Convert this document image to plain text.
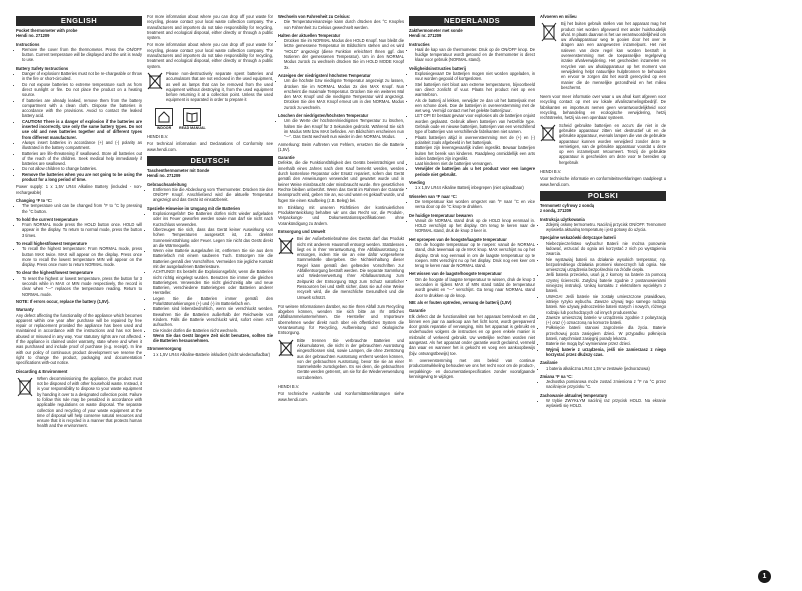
ENGLISH
Pocket thermometer with probe
Hendi no. 271209
Instructions
• Remove the cover from the thermometer. Press the ON/OFF button. Current temperature will be displayed and the unit is ready to use.
Battery Safety Instructions
• Danger of explosion! Batteries must not be re-chargeable or throw in the fire or short-circuited.
• Do not expose batteries to extreme temperature such as from direct sunlight or fire. Do not place the product on a heating source.
• If batteries are already leaked, remove them from the battery compartment with a clean cloth. Dispose the batteries in accordance with the provisions. Avoid to contact the leaked battery acid.
• CAUTION! There is a danger of explosion if the batteries are inserted incorrectly. Use only the same battery types. Do not use old and new batteries together and of different types from different manufacturer.
• Always insert batteries in accordance (+) and (-) polarity as illustrated in the battery compartment.
• Batteries are life-threatening if swallowed. Store all batteries out of the reach of the children. Seek medical help immediately if batteries are swallowed.
• Do not allow children to change batteries.
• Remove the batteries when you are not going to be using the product for a long period of time.

Power supply: 1 x 1,5V LR44 Alkaline Battery (included - non-rechargeable)

Changing °F to °C:
• The temperature unit can be changed from °F to °C by pressing the °C button.
To hold the current temperature
• From NORMAL mode press the HOLD button once. HOLD will appear in the display. To return to normal mode, press the button 3 times.
To recall highest/lowest temperature
• To recall the highest temperature: From NORMAL mode, press button MAX twice. MAX will appear on the display. Press once more to recall the lowest temperature MIN will appear on the display. Press once more to return NORMAL mode.
To clear the highest/lowest temperature
• To reset the highest or lowest temperature, press the button for 3 seconds while in MAX or MIN mode respectively, the record is clear when "---" replaces the temperature reading. Return to NORMAL mode.

NOTE: If errors occur, replace the battery (1,5V).

Warranty

Any defect affecting the functionality of the appliance which becomes apparent within one year after purchase will be repaired by free repair or replacement provided the appliance has been used and maintained in accordance with the instructions and has not been abused or misused in any way. Your statutory rights are not affected. If the appliance is claimed under warranty, state where and when it was purchased and include proof of purchase (e.g. receipt). In line with our policy of continuous product development we reserve the right to change the product, packaging and documentation specifications with-out notice.

Discarding & Environment

When decommissioning the appliance, the product must not be disposed of with other household waste. Instead, it is your responsibility to dispose to your waste equipment by handing it over to a designated collection point. Failure to follow this rule may be penalized in accordance with applicable regulations on waste disposal. The separate collection and recycling of your waste equipment at the time of disposal will help conserve natural resources and ensure that it is recycled in a manner that protects human health and the environment.

For more information about where you can drop off your waste for recycling, please contact your local waste collection company. The manufacturers and importers do not take responsibility for recycling, treatment and ecological disposal, either directly or through a public system.

For more information about where you can drop off your waste for recycling, please contact your local waste collection company. The manufacturers and importers do not take responsibility for recycling, treatment and ecological disposal, either directly or through a public system.

Please non-destructively separate spent batteries and accumulators that are not enclosed in the used equipment, as well as lamps that can be removed from the used equipment without destroying it, from the used equipment before returning it at a collection point. Unless the used equipment is separated in order to prepare it

INDOOR READ MANUAL

HENDI B.V.

For technical information and Declarations of Conformity see www.hendi.com.

DEUTSCH
Taschenthermometer mit Sonde
Hendi no. 271209
Gebrauchsanleitung
• Entfernen Sie die Abdeckung vom Thermometer. Drücken Sie den ON/OFF Knopf. Anschließend wird die aktuelle Temperatur angezeigt und das Gerät ist einsatzbereit.
Spezielle Hinweise im Umgang mit die Batterien
• Explosionsgefahr! Die Batterien dürfen nicht wieder aufgeladen oder ins Feuer geworfen werden sowie man darf sie nicht nach Kurzschluss verwenden.
• Überzeugen Sie sich, dass das Gerät keiner Auswirkung von hohen Temperaturen ausgesetzt ist, z.B. direkter Sonneneinstrahlung oder Feuer. Legen Sie nicht das Gerät direkt an die Wärmequelle.
• Wenn eine Batterie ausgelaufen ist, entfernen Sie sie aus dem Batteriefach mit einem sauberen Tuch. Entsorgen Sie die Batterien gemäß den Vorschriften. Vermeiden Sie jegliche Kontakt mit der ausgelaufenen Batteriesäure.
• ACHTUNG!! Es besteht die Explosionsgefahr, wenn die Batterien nicht richtig eingelegt wurden. Benutzen Sie immer die gleichen Batterietypen. Verwenden Sie nicht gleichzeitig alte und neue Batterien, verschiedene Batterietypen oder Batterien anderer Hersteller.
• Legen Sie die Batterien immer gemäß den Polaritätsmarkierungen (+) und (-) im Batteriefach ein.
• Batterien sind lebensbedrohlich, wenn sie verschluckt werden. Bewahren Sie die Batterien außerhalb der Reichweite von Kindern. Falls die Batterie verschluckt wird, sofort einen Arzt aufsuchen.
• Die Kinder dürfen die Batterien nicht wechseln.
• Wenn Sie das Gerät längere Zeit nicht benutzen, sollten Sie die Batterien herausnehmen.
Stromversorgung
• 1 x 1,5V LR44 Alkaline-Batterie inkludiert (nicht wiederaufladbar)
Wechseln von Fahrenheit zu Celsius:
• Die Temperatureinanzeige kann durch drücken des °C Knopfes von Fahrenheit zu Celsius gewechselt werden.
Halten der aktuellen Temperatur
• Drücken Sie im NORMAL Modus den HOLD Knopf. Nun bleibt die letzte gemessene Temperatur im Bildschirm stehen und es wird "HOLD" angezeigt (diese Funktion erleichtert Ihnen ggf. das Notieren der gemessenen Temperatur). Um in den NORMAL Modus zurück zu wechseln drücken Sie im HOLD MODE Knopf 3x.
Anzeigen der niedrigsten/ höchsten Temperatur
• Um die höchste bzw niedrigste Temperatur angezeigt zu lassen, drücken Sie im NORMAL Modus 2x den MAX Knopf. Nun erscheint die maximale Temperatur. Drücken Sie ein weiteres Mal den MAX Knopf und die niedrigste Temperatur wird angezeigt. Drücken Sie den MAX Knopf erneut um in den NORMAL Modus zurück zu wechseln.
Löschen der niedrigsten/höchsten Temperatur
• Um die Werte der höchsten/niedrigsten Temperatur zu löschen, halten Sie den Knopf für 3 Sekunden gedrückt. Während Sie sich im Modus MIN bzw MAX befinden. Am Bildschirm erscheinen nun "---". Das Gerät wechselt nun wieder in den NORMAL Modus.

Anmerkung: Beim Auftreten von Fehlern, ersetzen Sie die Batterie (1,5V).

Garantie

Defekte, die die Funktionsfähigkeit des Geräts beeinträchtigen und innerhalb eines Jahres nach dem Kauf bemerkt werden, werden durch kostenlose Reparatur oder Ersatz repariert, sofern das Gerät gemäß den Anweisungen verwendet und gewartet wurde und in keiner Weise missbraucht oder missbraucht wurde. Ihre gesetzlichen Rechte bleiben unberührt. Wenn das Gerät im Rahmen der Garantie beansprucht wird, geben Sie an, wo und wann es gekauft wurde, und fügen Sie einen Kaufbeleg (z.B. Beleg) bei.

Im Einklang mit unseren Richtlinien der kontinuierlichen Produktentwicklung behalten wir uns das Recht vor, die Produkt-, Verpackungs- und Dokumentationsspezifikationen ohne Vorankündigung zu ändern.

Entsorgung und Umwelt

Bei der Außerbetriebnahme des Geräts darf das Produkt nicht mit anderem Hausmüll entsorgt werden. Stattdessen liegt es in Ihrer Verantwortung, Ihre Abfallausrüstung zu entsorgen, indem Sie sie an eine dafür vorgesehene Sammelstelle übergeben. Die Nichteinhaltung dieser Regel kann gemäß den geltenden Vorschriften zur Abfallentsorgung bestraft werden. Die separate Sammlung und Wiederverwertung Ihrer Abfallausrüstung zum Zeitpunkt der Entsorgung trägt zum Schutz natürlicher Ressourcen bei und stellt sicher, dass sie auf eine Weise recycelt wird, die die menschliche Gesundheit und die Umwelt schützt.

Für weitere Informationen darüber, wo Sie Ihren Abfall zum Recycling abgeben können, wenden Sie sich bitte an Ihr örtliches Abfallsammelunternehmen. Die Hersteller und Importeure übernehmen weder direkt noch über ein öffentliches System die Verantwortung für Recycling, Aufbereitung und ökologische Entsorgung.

Bitte trennen Sie verbrauchte Batterien und Akkumulatoren, die nicht in der gebrauchten Ausrüstung eingeschlossen sind, sowie Lampen, die ohne Zerstörung aus der gebrauchten Ausrüstung entfernt werden können, von der gebrauchten Ausrüstung, bevor Sie sie an einer Sammelstelle zurückgeben. Es sei denn, die gebrauchten Geräte werden getrennt, um sie für die Wiederverwendung vorzubereiten.

HENDI B.V.

Für technische Auskünfte und Konformitätserklärungen siehe www.hendi.com.

NEDERLANDS
Zakthermometer met sonde
Hendi nr. 271209
Instructies
• Haal de kap van de thermometer. Druk op de ON/OFF knop. De huidige temperatuur wordt getoond en de thermometer is direct klaar voor gebruik (NORMAL stand).
Veiligheidsinstructies batterij
• Explosiegevaar! De batterijen mogen niet worden opgeladen, in vuur worden gegooid of kortgesloten.
• Stel batterijen niet bloot aan extreme temperaturen, bijvoorbeeld van direct zonlicht of vuur. Plaats het product niet op een warmtebron.
• Als de batterij al lekken, verwijder ze dan uit het batterijvak met een schone doek. Doe de batterijen in overeenstemming met de wet weg. Vermijd contact met het gelekte batterijzuur.
• LET OP! Er bestaat gevaar voor explosies als de batterijen onjuist worden geplaatst. Gebruik alleen batterijen van hetzelfde type. Gebruik oude en nieuwe batterijen, batterijen van een verschillend type of batterijen van verschillende fabrikanten niet samen.
• Plaats batterijen altijd in overeenstemming met de (+) en (-) polariteit zoals afgebeeld in het batterijvak.
• Batterijen zijn levensgevaarlijk indien ingeslikt. Bewaar batterijen buiten het bereik van kinderen. Raadpleeg onmiddellijk een arts indien batterijen zijn ingeslikt.
• Laat kinderen niet de batterijen vervangen.
• Verwijder de batterijen als u het product voor een langere periode niet gebruikt.
Voeding
• 1 x 1,5V LR44 Alkaline Batterij inbegrepen (niet oplaadbaar)
Wisselen van °F naar °C:
• De temperatuur kan worden omgezet van °F naar °C en vice versa door op de °C knop te drukken.
De huidige temperatuur bewaren
• Vanuit de NORMAL stand druk op de HOLD knop eenmaal in. HOLD verschijnt op het display. Om terug te keren naar de NORMAL stand, druk de knop 3 keer in.
Het oproepen van de hoogste/laagste temperatuur
• Om de hoogste temperatuur op te roepen: vanuit de NORMAL stand, druk tweemaal op de MAX knop. MAX verschijnt nu op het display. Druk nog eenmaal in om de laagste temperatuur op te roepen. MIN verschijnt nu op het display. Druk nog een keer om terug te keren naar de NORMAL stand.
Het wissen van de laagste/hoogste temperatuur
• Om de hoogste of laagste temperatuur te wissen, druk de knop 3 seconden in tijdens MAX of MIN stand totdat de temperatuur wordt gewist en "---" verschijnt. Ga terug naar NORMAL stand door te drukken op de knop.

NB: als er fouten optreden, vervang de batterij (1,5V)

Garantie

Elk defect dat de functionaliteit van het apparaat beïnvloedt en dat binnen een jaar na aankoop aan het licht komt, wordt gerepareerd door gratis reparatie of vervanging, mits het apparaat is gebruikt en onderhouden volgens de instructies en op geen enkele manier is misbruikt of verkeerd gebruikt. Uw wettelijke rechten worden niet aangetast. Als het apparaat onder garantie wordt geclaimd, vermeld dan waar en wanneer het is gekocht en voeg een aankoopbewijs (bijv. ontvangstbewijs) toe.

In overeenstemming met ons beleid van continue productontwikkeling behouden we ons het recht voor om de product-, verpakkings- en documentatiespecificaties zonder voorafgaande kennisgeving te wijzigen.

Afvoeren en milieu

Bij het buiten gebruik stellen van het apparaat mag het product niet worden afgevoerd met ander huishoudelijk afval. In plaats daarvan is het uw verantwoordelijkheid om uw afvalapparatuur weg te gooien door het over te dragen aan een aangewezen inzamelpunt. Het niet naleven van deze regel kan worden bestraft in overeenstemming met de toepasselijke regelgeving inzake afvalverwijdering. Het gescheiden inzamelen en recyclen van uw afvalapparatuur op het moment van verwijdering helpt natuurlijke hulpbronnen te behouden en ervoor te zorgen dat het wordt gerecycled op een manier die de menselijke gezondheid en het milieu beschermt.

Neem voor meer informatie over waar u uw afval kunt afgeven voor recycling contact op met uw lokale afvalinzamelingsbedrijf. De fabrikanten en importeurs nemen geen verantwoordelijkheid voor recycling, behandeling en ecologische verwijdering, hetzij rechtstreeks, hetzij via een openbaar systeem.

Scheid gebruikte batterijen en accu's die niet in de gebruikte apparatuur zitten niet destructief uit en de gebruikte apparatuur, evenals lampen die van de gebruikte apparatuur kunnen worden verwijderd zonder deze te vernietigen, van de gebruikte apparatuur voordat u deze op een inzamelpunt retourneert. Tenzij de gebruikte apparatuur is gescheiden om deze voor te bereiden op hergebruik

HENDI B.V.

Voor technische informatie en conformiteitsverklaringen raadpleegt u www.hendi.com.

POLSKI
Termometr cyfrowy z sondą
z sondą, 271209
Instrukcja użytkowania
• Zdejmij osłonę termometru. Naciśnij przycisk ON/OFF. Termometr wyświetla aktualną temperaturę i jest gotowy do użycia.
Specjalne wskazówki dotyczące baterii
• Niebezpieczeństwo wybuchu! Baterii nie można ponownie ładować, wrzucać do ognia ani korzystać z nich po wystąpieniu zwarcia.
• Nie wystawiaj baterii na działanie wysokich temperatur, np. bezpośredniego działania promieni słonecznych lub ognia. Nie umieszczaj urządzenia bezpośrednio na źródle ciepła.
• Jeśli bateria przecieka, usuń ją z komory na baterie za pomocą czystej ściereczki. Zutylizuj baterie zgodnie z postanowieniami niniejszej instrukcji. Unikaj kontaktu z elektrolitem wyciekłym z baterii.
• UWAGA! Jeśli baterie nie zostały umieszczone prawidłowo, istnieje ryzyko wybuchu. Zawsze używaj tego samego rodzaju baterii. Nie używaj jednocześnie baterii starych i nowych, różnego rodzaju lub pochodzących od innych producentów.
• Zawsze umieszczaj baterie w urządzeniu zgodnie z polaryzacją (+) oraz (-) oznaczoną na komorze baterii.
• Połknięcie baterii stanowi zagrożenie dla życia. Baterie przechowuj poza zasięgiem dzieci. W przypadku połknięcia baterii, natychmiast zasięgnij porady lekarza.
• Baterie nie mogą być wymieniane przez dzieci.
• Wyjmij baterie z urządzenia, jeśli nie zamierzasz z niego korzystać przez dłuższy czas.
Zasilanie
• 1 bateria alkaliczna LR44 1,5V w zestawie (jednorazowa)
Zmiana °F na °C:
• Jednostka pomiarowa może zostać zmieniona z °F na °C przez naciśnięcie przycisku °C.
Zachowanie aktualnej temperatury
• W trybie ZWYKŁYM naciśnij raz przycisk HOLD. Na ekranie wyświetli się HOLD.
1
